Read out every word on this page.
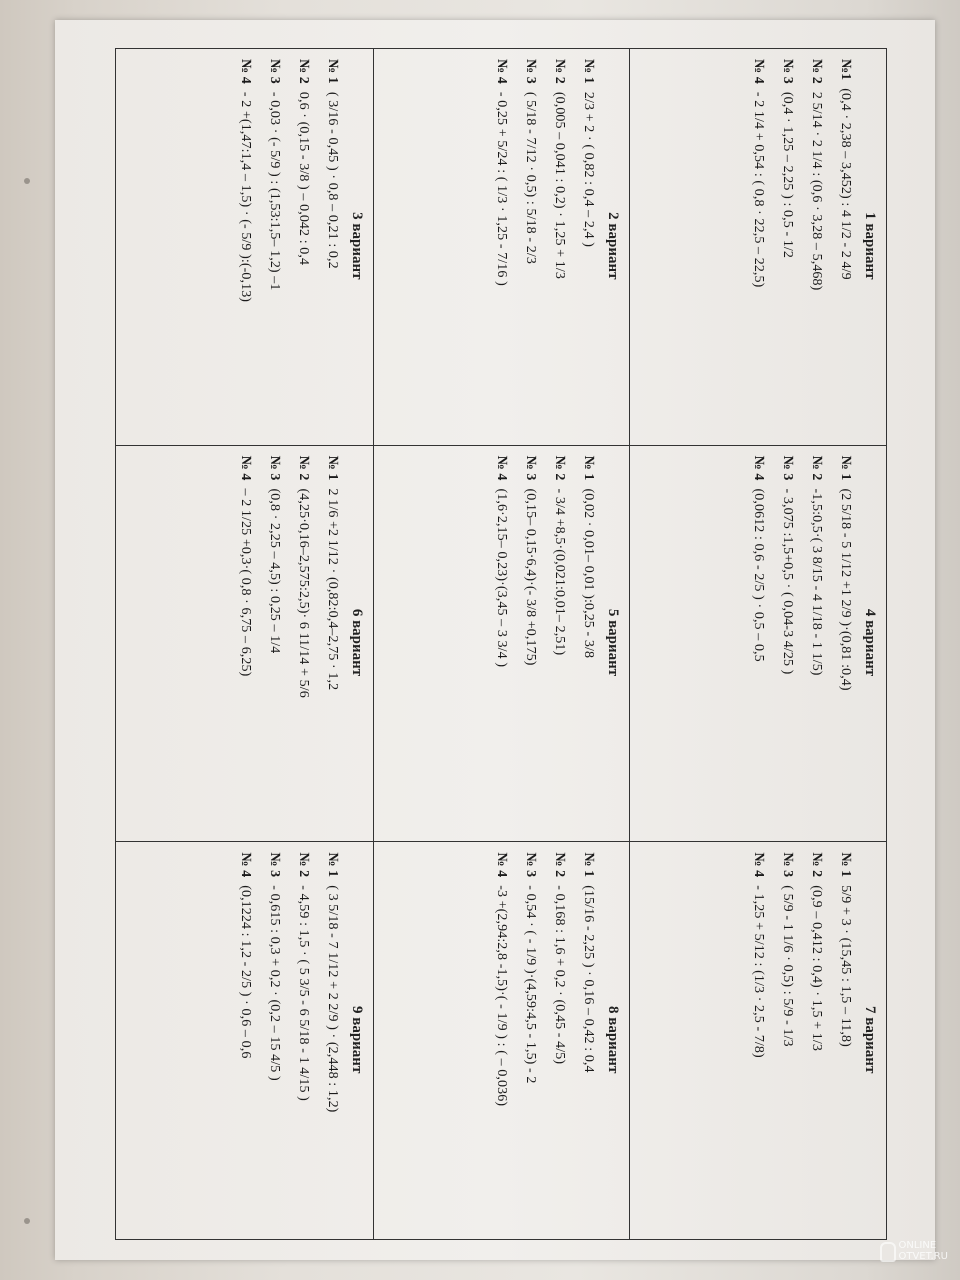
1 вариант
№1(0,4 · 2,38 – 3,452) : 4 1/2 - 2 4/9
№ 22 5/14 · 2 1/4 : (0,6 · 3,28 – 5,468)
№ 3(0,4 · 1,25 – 2,25 ) : 0,5 - 1/2
№ 4- 2 1/4 + 0,54 : ( 0,8 · 22,5 – 22,5)
4 вариант
№ 1(2 5/18 - 5 1/12 +1 2/9 )·(0,81 :0,4)
№ 2-1,5:0,5·( 3 8/15 - 4 1/18 - 1 1/5)
№ 3- 3,075 :1,5+0,5 · ( 0,04-3 4/25 )
№ 4(0,0612 : 0,6 - 2/5 ) · 0,5 – 0,5
7 вариант
№ 15/9 + 3 · (15,45 : 1,5 – 11,8)
№ 2(0,9 – 0,412 : 0,4) · 1,5 + 1/3
№ 3( 5/9 - 1 1/6 · 0,5) : 5/9 - 1/3
№ 4- 1,25 + 5/12 : (1/3 · 2,5 - 7/8)
2 вариант
№ 12/3 + 2 · ( 0,82 : 0,4 – 2,4 )
№ 2(0,005 – 0,041 : 0,2) · 1,25 + 1/3
№ 3( 5/18 - 7/12 · 0,5) : 5/18 - 2/3
№ 4- 0,25 + 5/24 : ( 1/3 · 1,25 - 7/16 )
5 вариант
№ 1(0,02 · 0,01– 0,01 ):0,25 - 3/8
№ 2- 3/4 +8,5·(0,021:0,01– 2,51)
№ 3(0,15– 0,15·6,4)·(- 3/8 +0,175)
№ 4(1,6·2,15– 0,23)·(3,45 – 3 3/4 )
8 вариант
№ 1(15/16 - 2,25 ) · 0,16 – 0,42 : 0,4
№ 2- 0,168 : 1,6 + 0,2 · (0,45 - 4/5)
№ 3- 0,54 · ( - 1/9 )·(4,59:4,5 - 1,5) - 2
№ 4-3 +(2,94:2,8 -1,5)·( - 1/9 ) : ( – 0,036)
3 вариант
№ 1( 3/16 - 0,45 ) · 0,8 – 0,21 : 0,2
№ 20,6 · (0,15 - 3/8 ) – 0,042 : 0,4
№ 3- 0,03 · (- 5/9 ) : (1,53:1,5– 1,2) –1
№ 4- 2 +(1,47:1,4 – 1,5) · (- 5/9 ):(-0,13)
6 вариант
№ 12 1/6 +2 1/12 · (0,82:0,4–2,75 · 1,2
№ 2(4,25·0,16–2,575:2,5)· 6 11/14 + 5/6
№ 3(0,8 · 2,25 – 4,5) : 0,25 – 1/4
№ 4– 2 1/25 +0,3·( 0,8 · 6,75 – 6,25)
9 вариант
№ 1( 3 5/18 - 7 1/12 + 2 2/9 ) · (2,448 : 1,2)
№ 2- 4,59 : 1,5 · ( 5 3/5 - 6 5/18 - 1 4/15 )
№ 3- 0,615 : 0,3 + 0,2 · (0,2 – 15 4/5 )
№ 4(0,1224 : 1,2 - 2/5 ) · 0,6 – 0,6
ONLINE
OTVET.RU
